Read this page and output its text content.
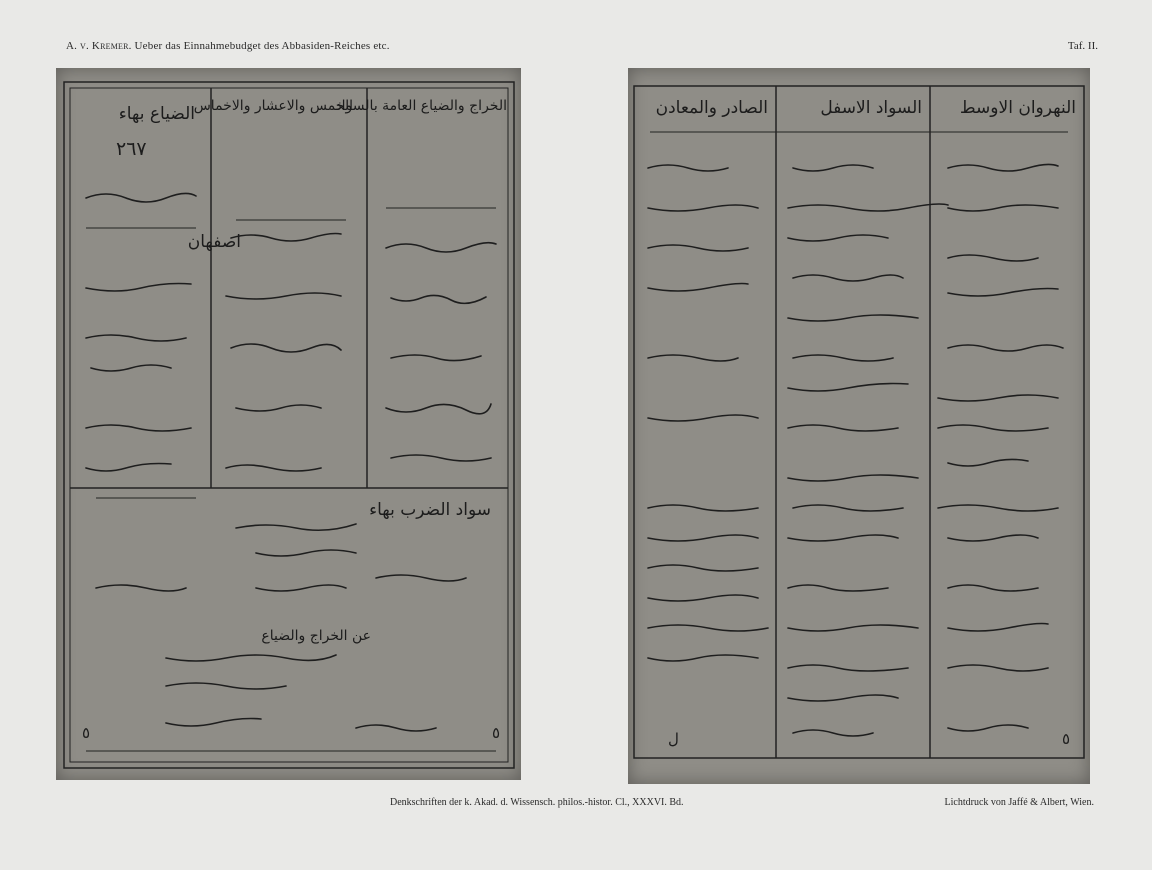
A. v. Kremer. Ueber das Einnahmebudget des Abbasiden-Reiches etc.	Taf. II.
٢٦٧
الخراج والضياع العامة بالسواد
الخمس والاعشار والاخماس
الضياع بهاء
سواد الضرب بهاء
اصفهان
عن الخراج والضياع
٥	٥
النهروان الاوسط
السواد الاسفل
الصادر والمعادن
٥
ل
Denkschriften der k. Akad. d. Wissensch. philos.-histor. Cl., XXXVI. Bd.	Lichtdruck von Jaffé & Albert, Wien.
